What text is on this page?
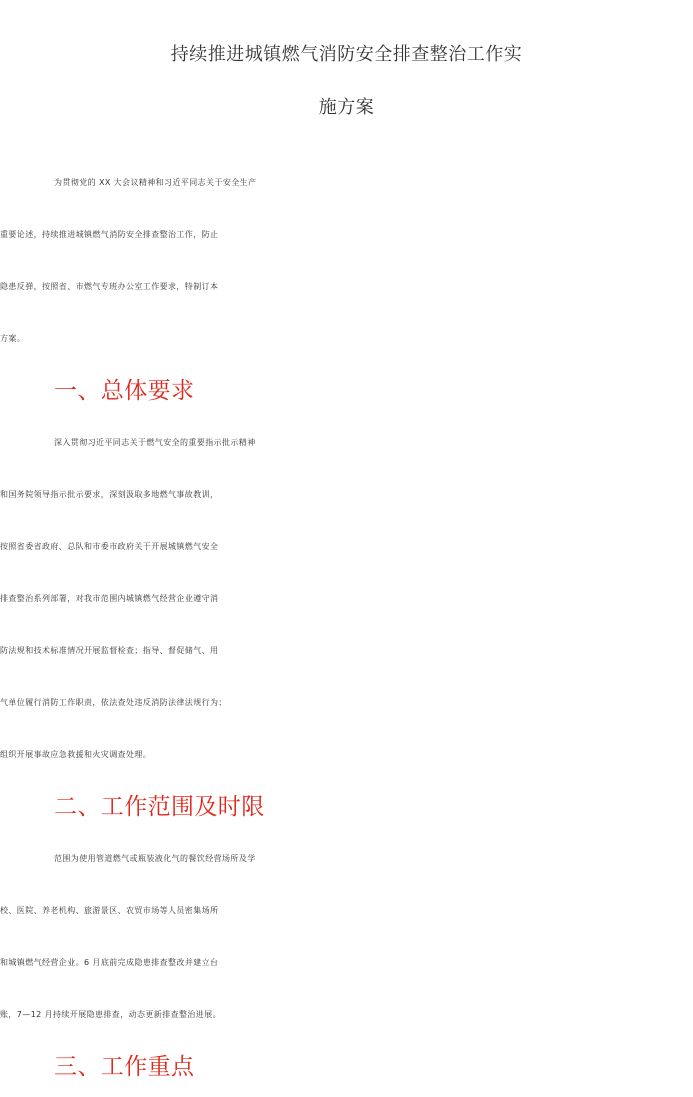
持续推进城镇燃气消防安全排查整治工作实
施方案
为贯彻党的 XX 大会议精神和习近平同志关于安全生产
重要论述，持续推进城镇燃气消防安全排查整治工作，防止
隐患反弹，按照省、市燃气专班办公室工作要求，特制订本
方案。
一、总体要求
深入贯彻习近平同志关于燃气安全的重要指示批示精神
和国务院领导指示批示要求，深刻汲取多地燃气事故教训，
按照省委省政府、总队和市委市政府关于开展城镇燃气安全
排查整治系列部署，对我市范围内城镇燃气经营企业遵守消
防法规和技术标准情况开展监督检查；指导、督促储气、用
气单位履行消防工作职责，依法查处违反消防法律法规行为；
组织开展事故应急救援和火灾调查处理。
二、工作范围及时限
范围为使用管道燃气或瓶装液化气的餐饮经营场所及学
校、医院、养老机构、旅游景区、农贸市场等人员密集场所
和城镇燃气经营企业。6 月底前完成隐患排查整改并建立台
账，7—12 月持续开展隐患排查，动态更新排查整治进展。
三、工作重点
